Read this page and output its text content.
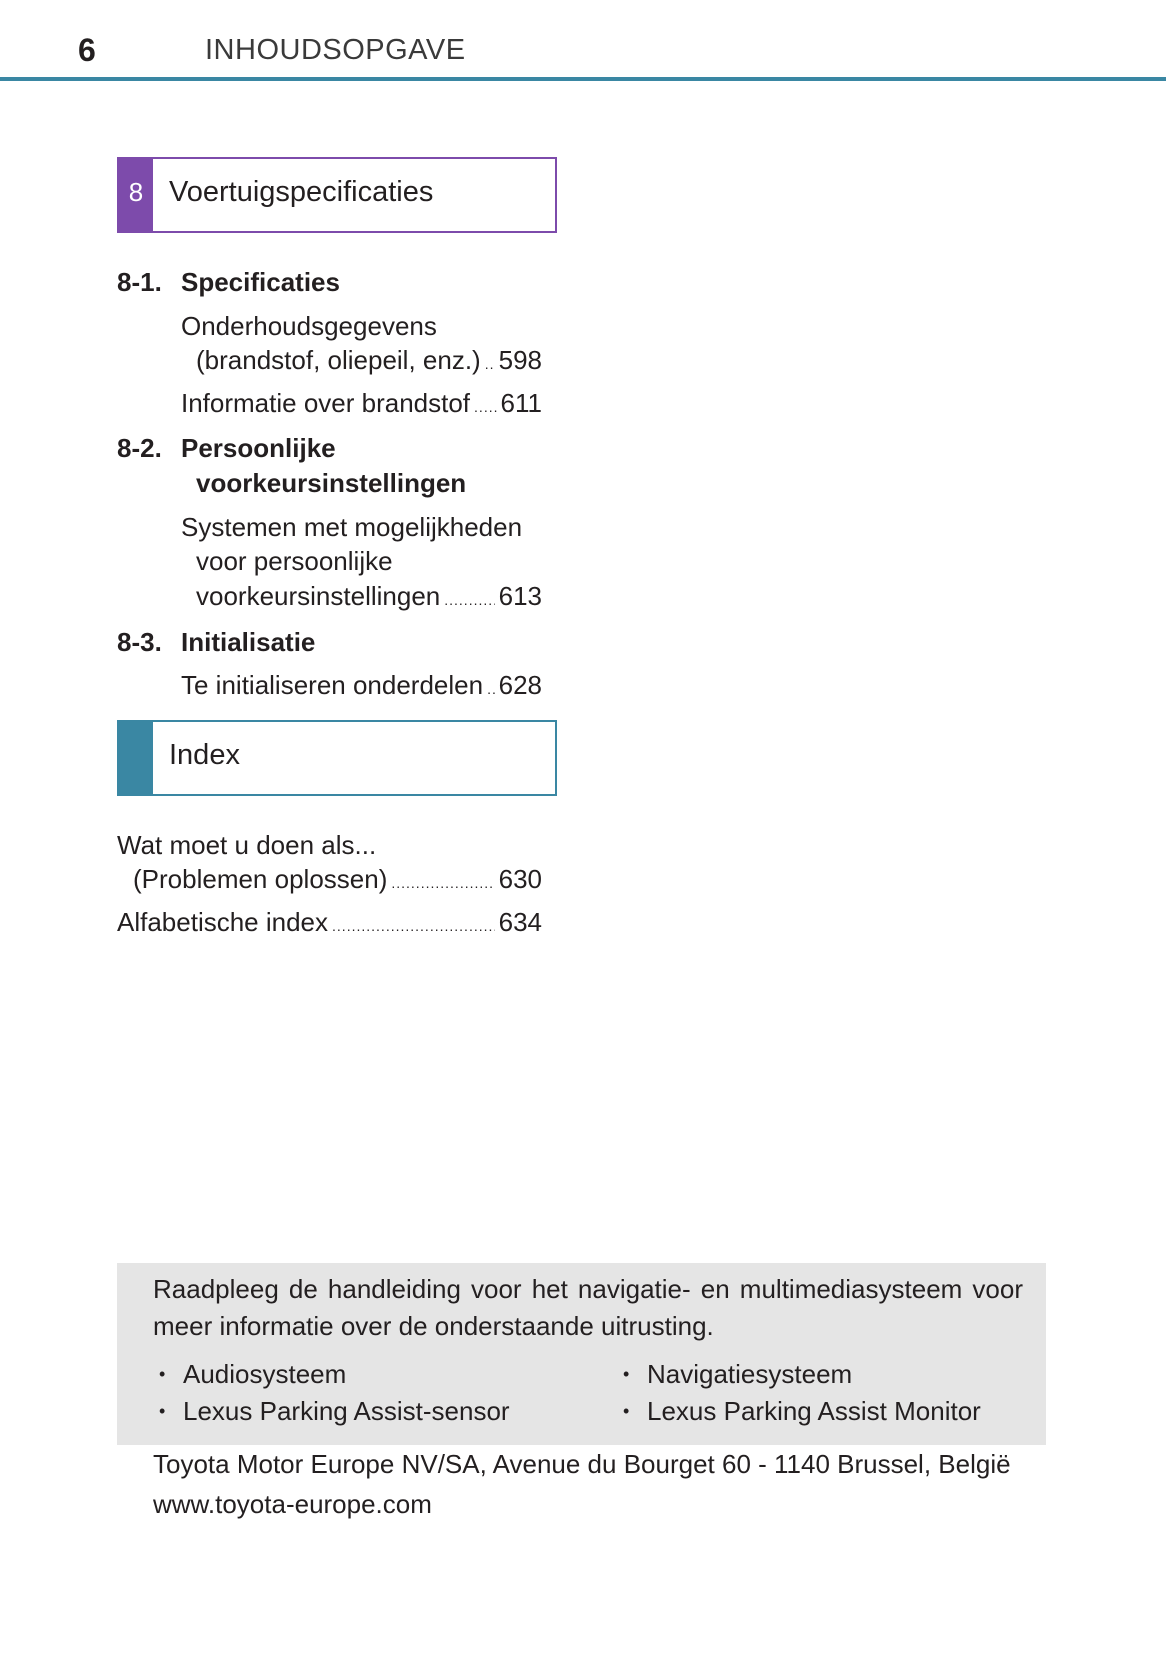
6	INHOUDSOPGAVE
8 Voertuigspecificaties
8-1. Specificaties
Onderhoudsgegevens
(brandstof, oliepeil, enz.) ..... 598
Informatie over brandstof ..... 611
8-2. Persoonlijke
voorkeursinstellingen
Systemen met mogelijkheden
voor persoonlijke
voorkeursinstellingen ..... 613
8-3. Initialisatie
Te initialiseren onderdelen ..... 628
Index
Wat moet u doen als...
(Problemen oplossen) .....	630
Alfabetische index .....	634
Raadpleeg de handleiding voor het navigatie- en multimediasysteem voor meer informatie over de onderstaande uitrusting.
• Audiosysteem	• Navigatiesysteem
• Lexus Parking Assist-sensor	• Lexus Parking Assist Monitor
Toyota Motor Europe NV/SA, Avenue du Bourget 60 - 1140 Brussel, België
www.toyota-europe.com
